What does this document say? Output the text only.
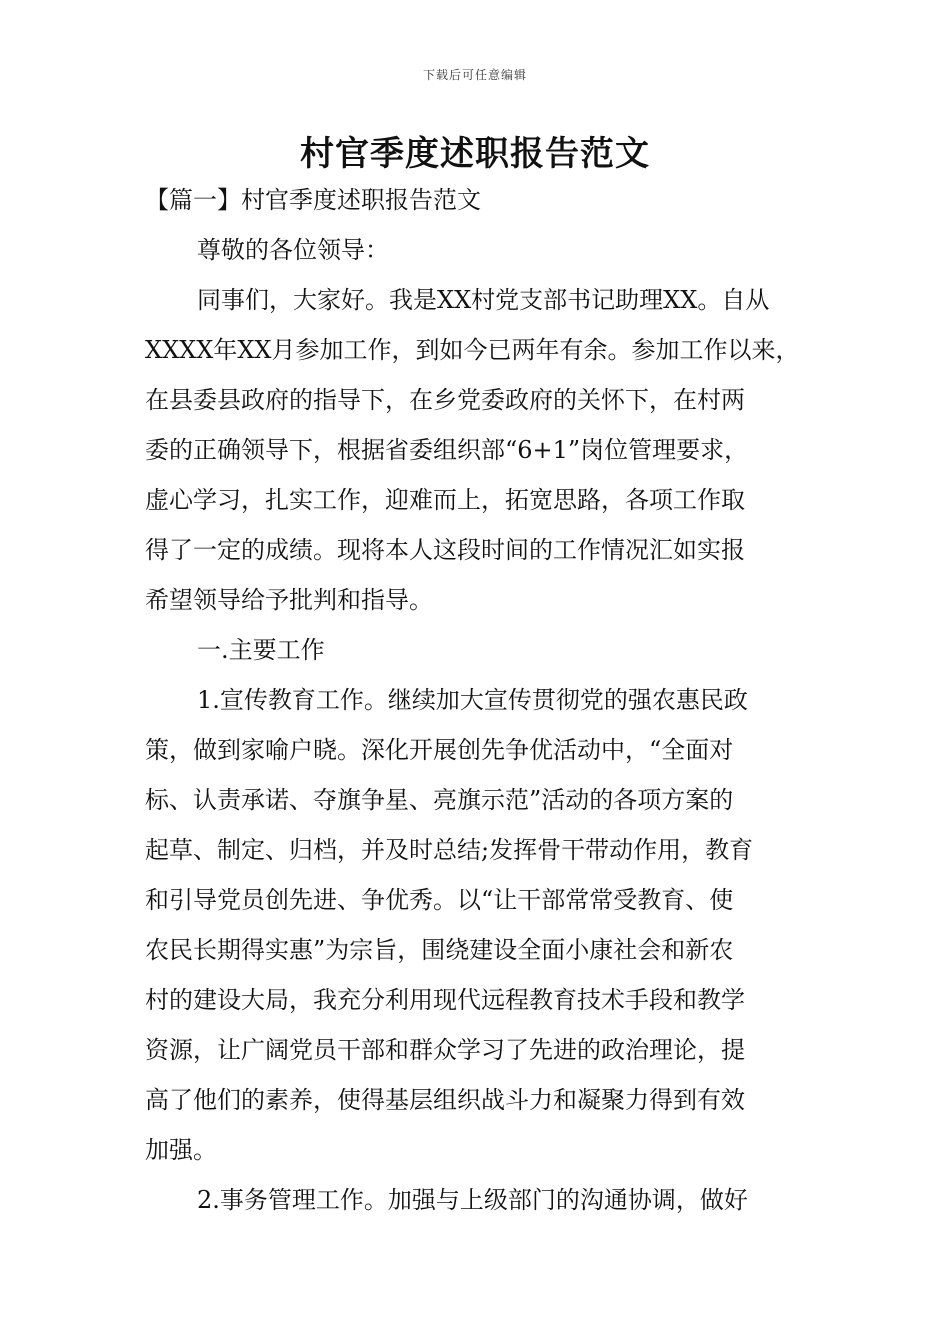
下载后可任意编辑
村官季度述职报告范文
【篇一】村官季度述职报告范文
尊敬的各位领导：
同事们，大家好。我是XX村党支部书记助理XX。自从
XXXX年XX月参加工作，到如今已两年有余。参加工作以来，
在县委县政府的指导下，在乡党委政府的关怀下，在村两
委的正确领导下，根据省委组织部“6+1”岗位管理要求，
虚心学习，扎实工作，迎难而上，拓宽思路，各项工作取
得了一定的成绩。现将本人这段时间的工作情况汇如实报
希望领导给予批判和指导。
一.主要工作
1.宣传教育工作。继续加大宣传贯彻党的强农惠民政
策，做到家喻户晓。深化开展创先争优活动中，“全面对
标、认责承诺、夺旗争星、亮旗示范”活动的各项方案的
起草、制定、归档，并及时总结;发挥骨干带动作用，教育
和引导党员创先进、争优秀。以“让干部常常受教育、使
农民长期得实惠”为宗旨，围绕建设全面小康社会和新农
村的建设大局，我充分利用现代远程教育技术手段和教学
资源，让广阔党员干部和群众学习了先进的政治理论，提
高了他们的素养，使得基层组织战斗力和凝聚力得到有效
加强。
2.事务管理工作。加强与上级部门的沟通协调，做好
